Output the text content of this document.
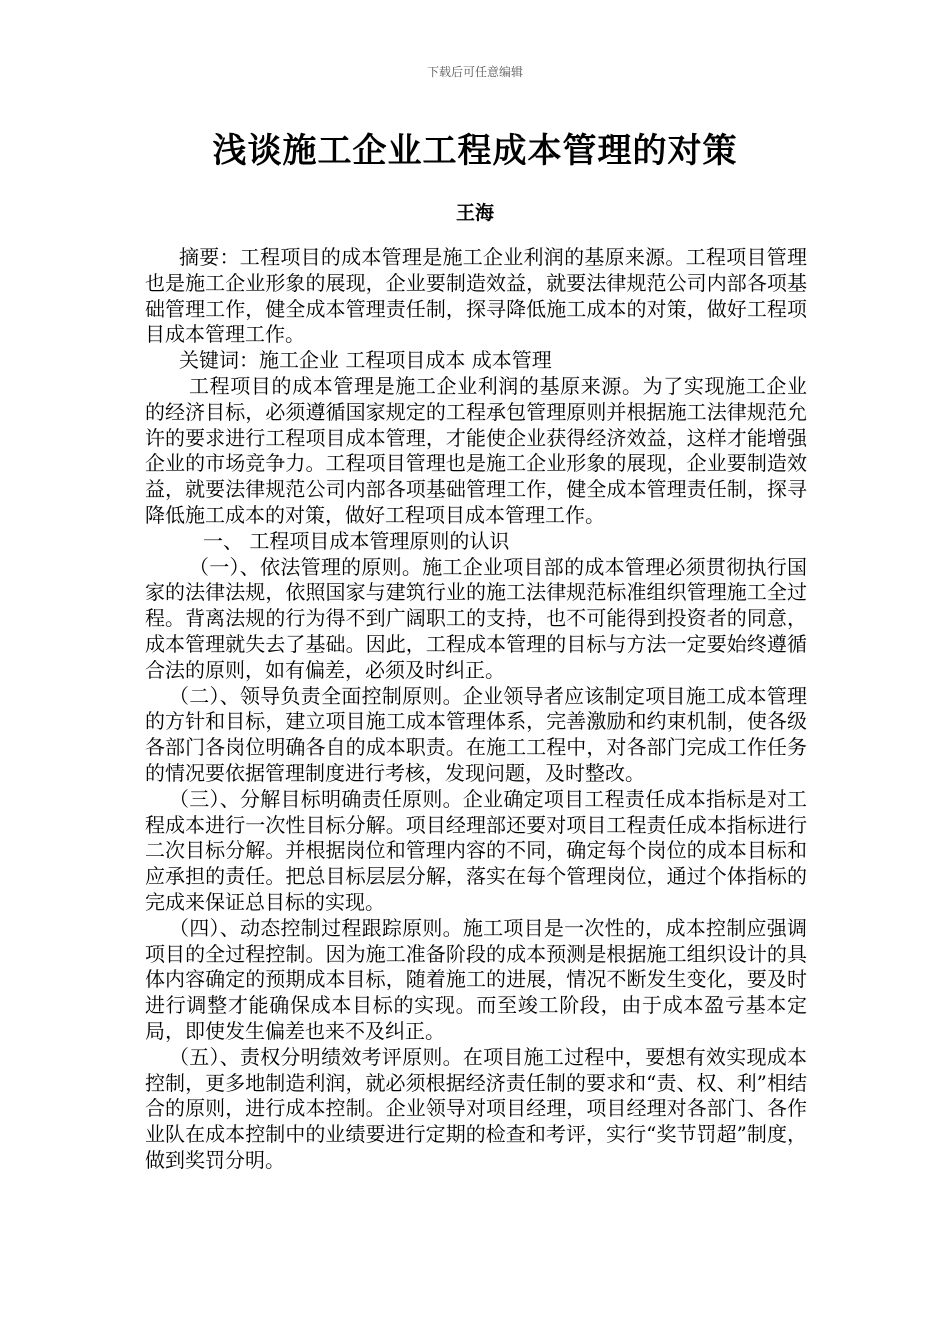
下载后可任意编辑
浅谈施工企业工程成本管理的对策
王海

摘要：工程项目的成本管理是施工企业利润的基原来源。工程项目管理也是施工企业形象的展现，企业要制造效益，就要法律规范公司内部各项基础管理工作，健全成本管理责任制，探寻降低施工成本的对策，做好工程项目成本管理工作。

关键词：施工企业 工程项目成本 成本管理

工程项目的成本管理是施工企业利润的基原来源。为了实现施工企业的经济目标，必须遵循国家规定的工程承包管理原则并根据施工法律规范允许的要求进行工程项目成本管理，才能使企业获得经济效益，这样才能增强企业的市场竞争力。工程项目管理也是施工企业形象的展现，企业要制造效益，就要法律规范公司内部各项基础管理工作，健全成本管理责任制，探寻降低施工成本的对策，做好工程项目成本管理工作。

一、 工程项目成本管理原则的认识

（一）、依法管理的原则。施工企业项目部的成本管理必须贯彻执行国家的法律法规，依照国家与建筑行业的施工法律规范标准组织管理施工全过程。背离法规的行为得不到广阔职工的支持，也不可能得到投资者的同意，成本管理就失去了基础。因此，工程成本管理的目标与方法一定要始终遵循合法的原则，如有偏差，必须及时纠正。

（二）、领导负责全面控制原则。企业领导者应该制定项目施工成本管理的方针和目标，建立项目施工成本管理体系，完善激励和约束机制，使各级各部门各岗位明确各自的成本职责。在施工工程中，对各部门完成工作任务的情况要依据管理制度进行考核，发现问题，及时整改。

（三）、分解目标明确责任原则。企业确定项目工程责任成本指标是对工程成本进行一次性目标分解。项目经理部还要对项目工程责任成本指标进行二次目标分解。并根据岗位和管理内容的不同，确定每个岗位的成本目标和应承担的责任。把总目标层层分解，落实在每个管理岗位，通过个体指标的完成来保证总目标的实现。

（四）、动态控制过程跟踪原则。施工项目是一次性的，成本控制应强调项目的全过程控制。因为施工准备阶段的成本预测是根据施工组织设计的具体内容确定的预期成本目标，随着施工的进展，情况不断发生变化，要及时进行调整才能确保成本目标的实现。而至竣工阶段，由于成本盈亏基本定局，即使发生偏差也来不及纠正。

（五）、责权分明绩效考评原则。在项目施工过程中，要想有效实现成本控制，更多地制造利润，就必须根据经济责任制的要求和“责、权、利”相结合的原则，进行成本控制。企业领导对项目经理，项目经理对各部门、各作业队在成本控制中的业绩要进行定期的检查和考评，实行“奖节罚超”制度，做到奖罚分明。
